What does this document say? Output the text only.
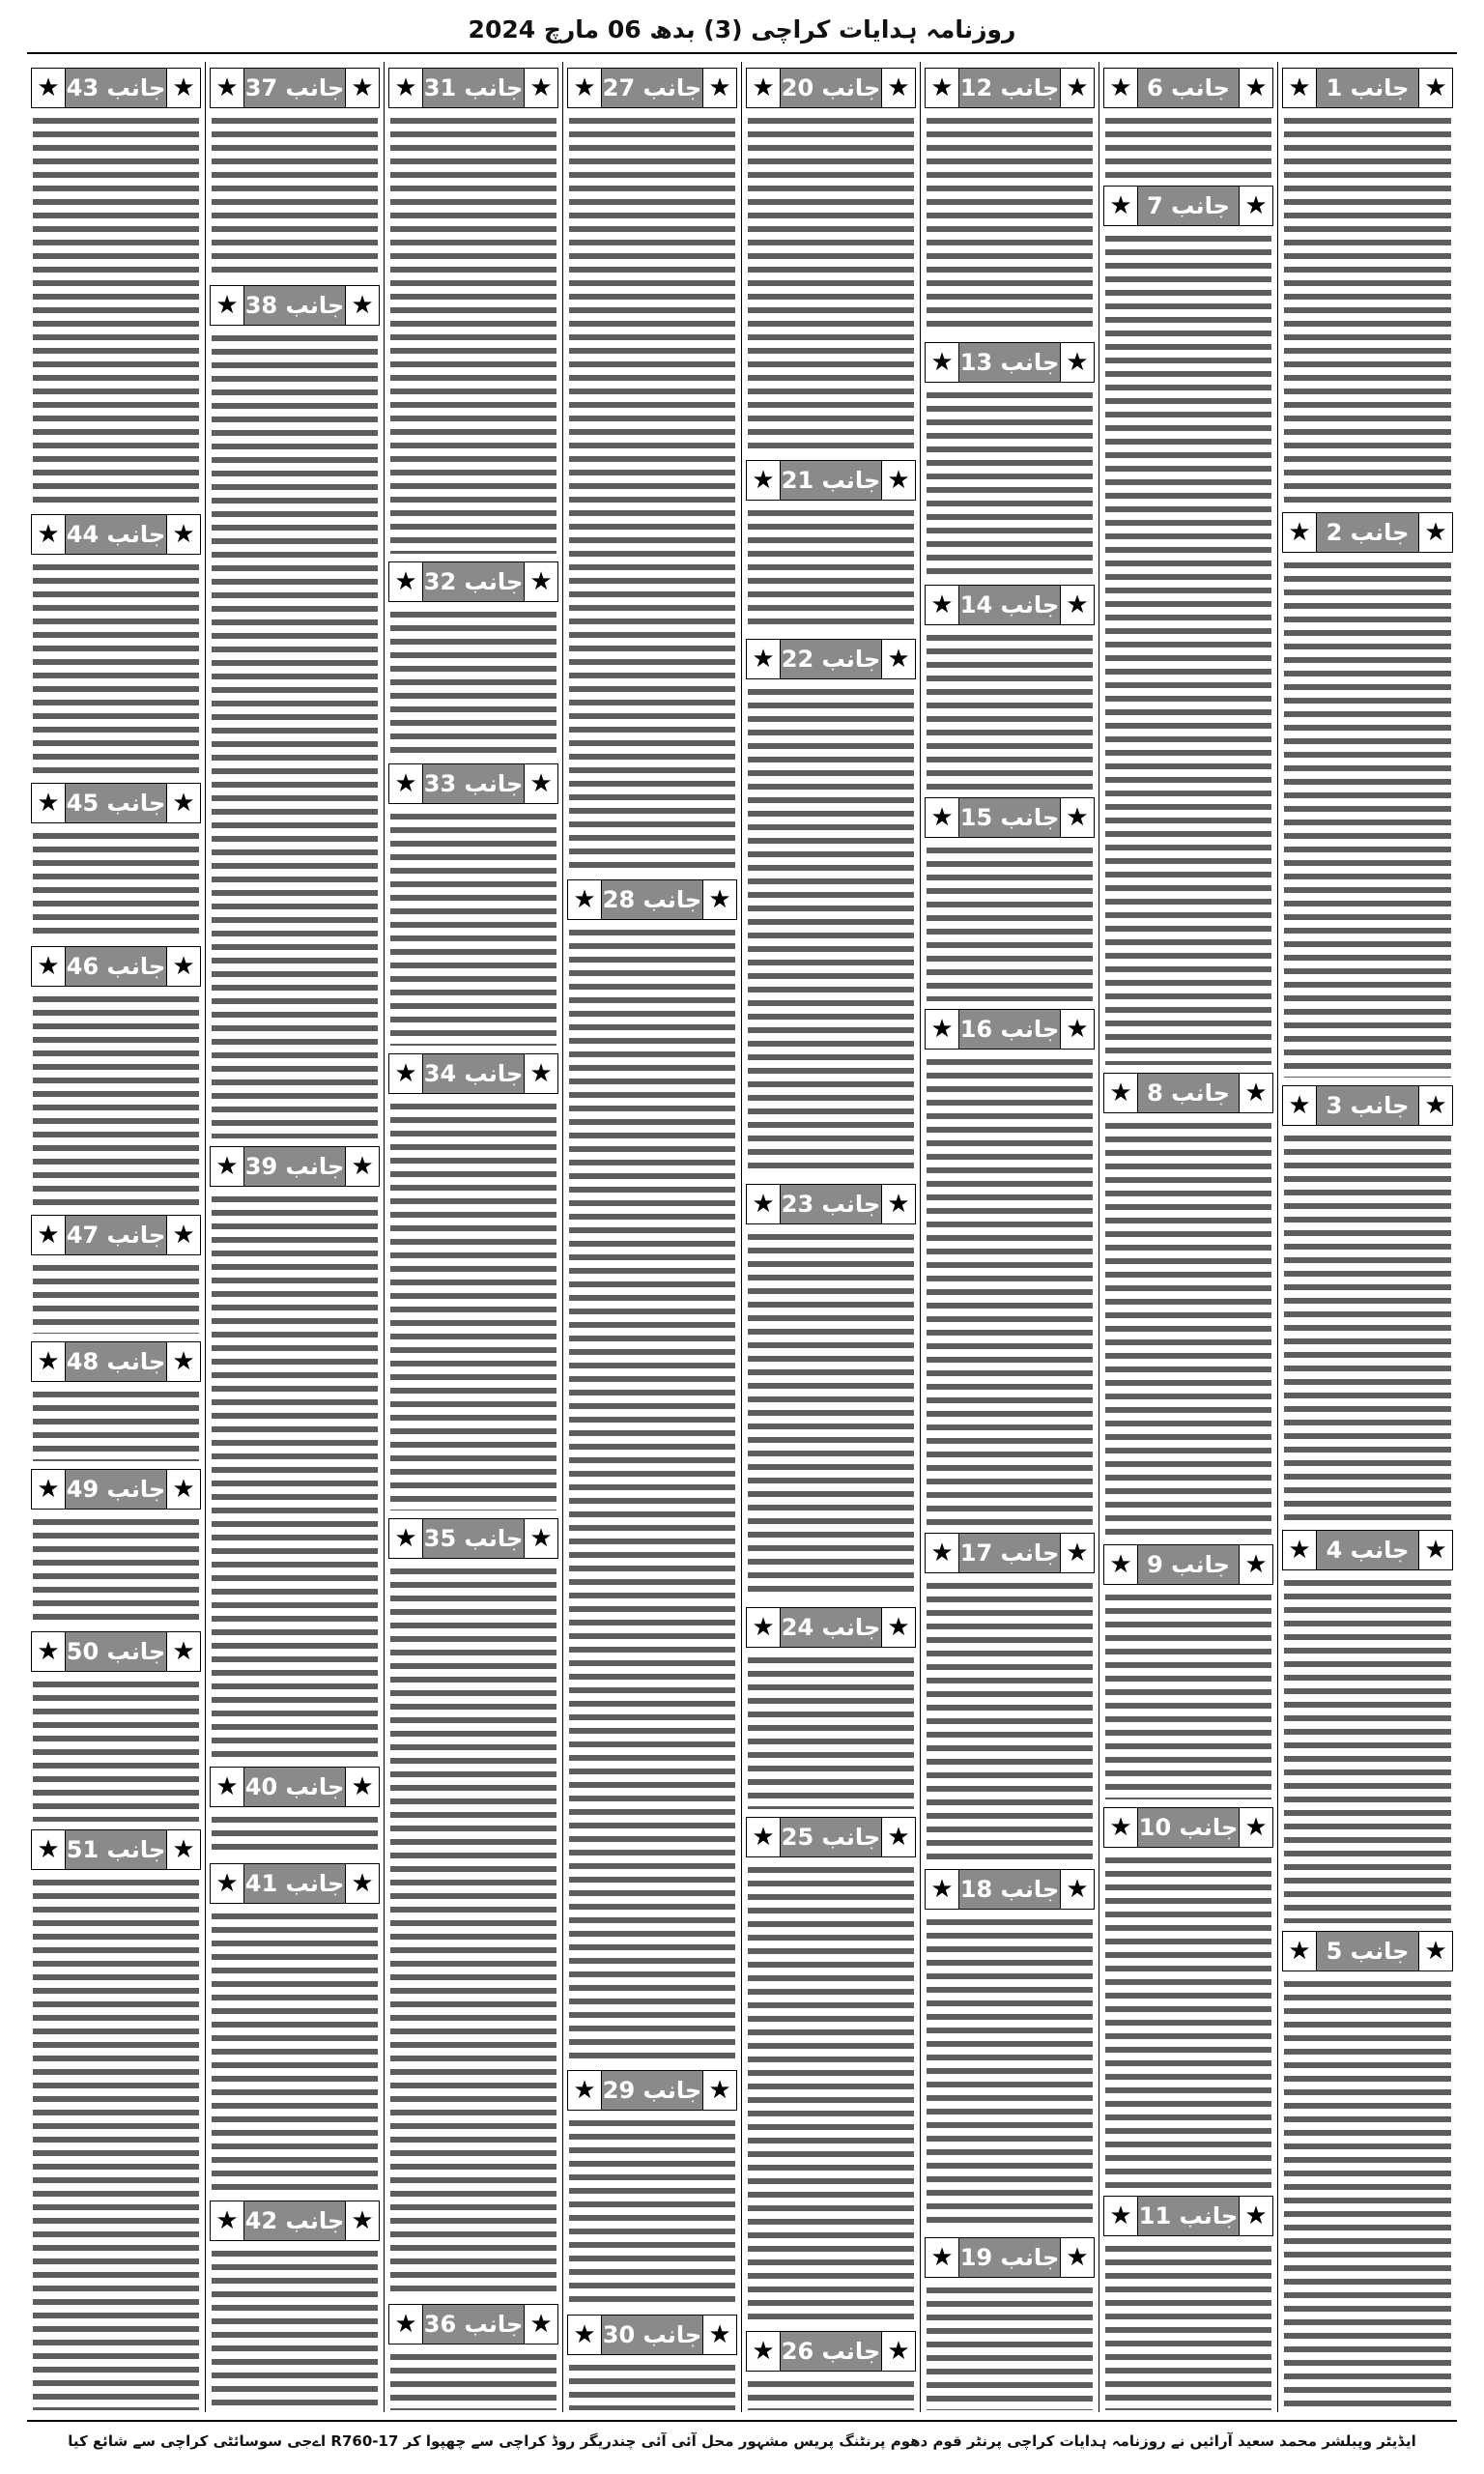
روزنامہ ہدایات کراچی (3) بدھ 06 مارچ 2024
★
جانب 1
★
★
جانب 2
★
★
جانب 3
★
★
جانب 4
★
★
جانب 5
★
★
جانب 6
★
★
جانب 7
★
★
جانب 8
★
★
جانب 9
★
★
جانب 10
★
★
جانب 11
★
★
جانب 12
★
★
جانب 13
★
★
جانب 14
★
★
جانب 15
★
★
جانب 16
★
★
جانب 17
★
★
جانب 18
★
★
جانب 19
★
★
جانب 20
★
★
جانب 21
★
★
جانب 22
★
★
جانب 23
★
★
جانب 24
★
★
جانب 25
★
★
جانب 26
★
★
جانب 27
★
★
جانب 28
★
★
جانب 29
★
★
جانب 30
★
★
جانب 31
★
★
جانب 32
★
★
جانب 33
★
★
جانب 34
★
★
جانب 35
★
★
جانب 36
★
★
جانب 37
★
★
جانب 38
★
★
جانب 39
★
★
جانب 40
★
★
جانب 41
★
★
جانب 42
★
★
جانب 43
★
★
جانب 44
★
★
جانب 45
★
★
جانب 46
★
★
جانب 47
★
★
جانب 48
★
★
جانب 49
★
★
جانب 50
★
★
جانب 51
★
ایڈیٹر وپبلشر محمد سعید آرائیں نے روزنامہ ہدایات کراچی پرنٹر قوم دھوم پرنٹنگ پریس مشہور محل آئی آئی چندریگر روڈ کراچی سے چھپوا کر R760-17 اےجی سوسائٹی کراچی سے شائع کیا
